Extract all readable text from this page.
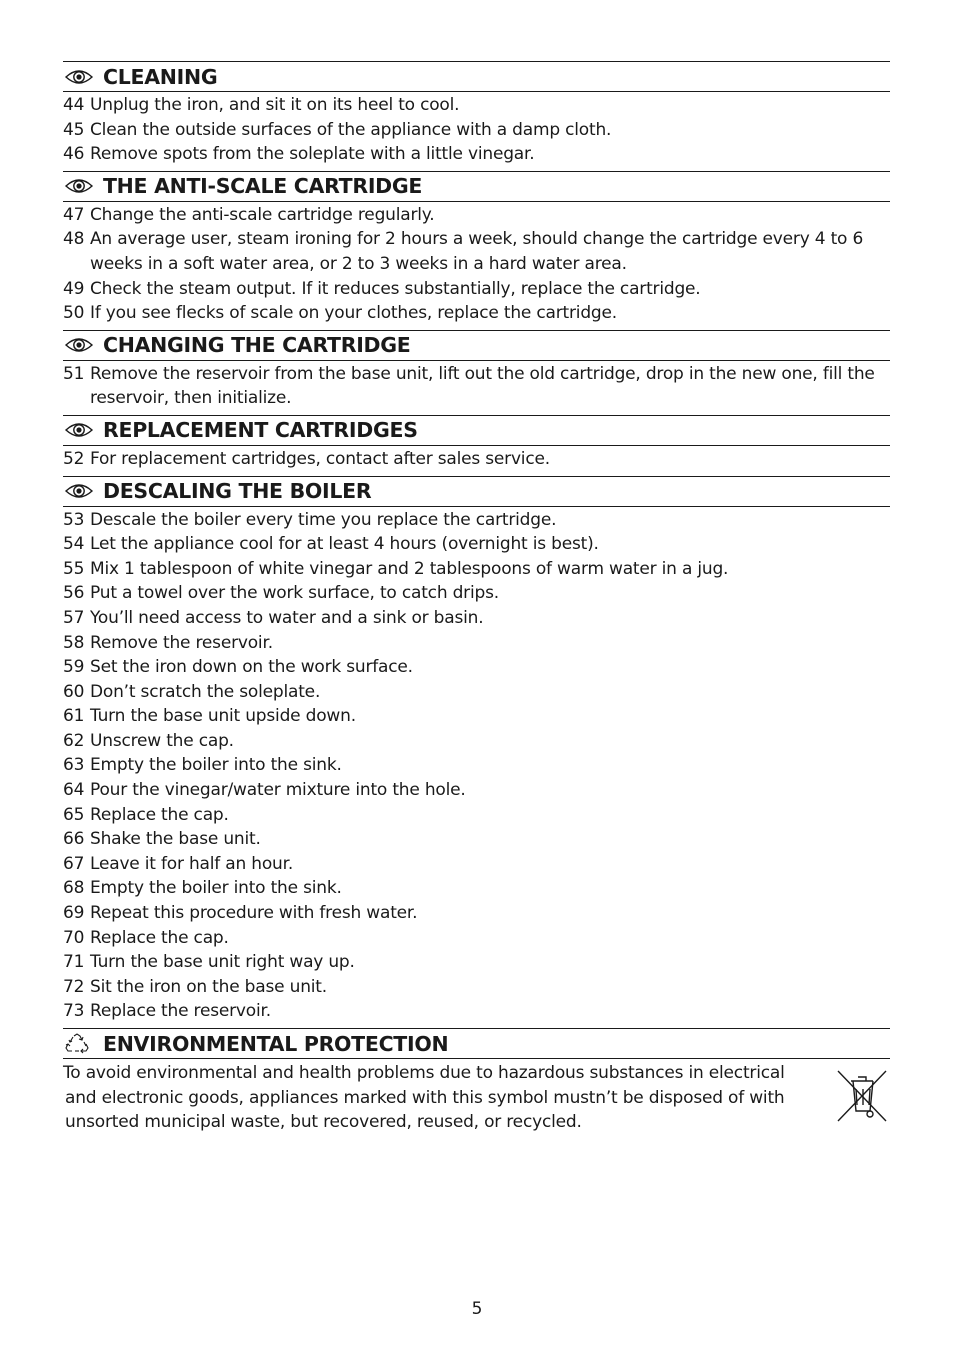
CLEANING
44 Unplug the iron, and sit it on its heel to cool.
45 Clean the outside surfaces of the appliance with a damp cloth.
46 Remove spots from the soleplate with a little vinegar.
THE ANTI-SCALE CARTRIDGE
47 Change the anti-scale cartridge regularly.
48 An average user, steam ironing for 2 hours a week, should change the cartridge every 4 to 6 weeks in a soft water area, or 2 to 3 weeks in a hard water area.
49 Check the steam output. If it reduces substantially, replace the cartridge.
50 If you see flecks of scale on your clothes, replace the cartridge.
CHANGING THE CARTRIDGE
51 Remove the reservoir from the base unit, lift out the old cartridge, drop in the new one, fill the reservoir, then initialize.
REPLACEMENT CARTRIDGES
52 For replacement cartridges, contact after sales service.
DESCALING THE BOILER
53 Descale the boiler every time you replace the cartridge.
54 Let the appliance cool for at least 4 hours (overnight is best).
55 Mix 1 tablespoon of white vinegar and 2 tablespoons of warm water in a jug.
56 Put a towel over the work surface, to catch drips.
57 You’ll need access to water and a sink or basin.
58 Remove the reservoir.
59 Set the iron down on the work surface.
60 Don’t scratch the soleplate.
61 Turn the base unit upside down.
62 Unscrew the cap.
63 Empty the boiler into the sink.
64 Pour the vinegar/water mixture into the hole.
65 Replace the cap.
66 Shake the base unit.
67 Leave it for half an hour.
68 Empty the boiler into the sink.
69 Repeat this procedure with fresh water.
70 Replace the cap.
71 Turn the base unit right way up.
72 Sit the iron on the base unit.
73 Replace the reservoir.
ENVIRONMENTAL PROTECTION
To avoid environmental and health problems due to hazardous substances in electrical
and electronic goods, appliances marked with this symbol mustn’t be disposed of with
unsorted municipal waste, but recovered, reused, or recycled.
5
